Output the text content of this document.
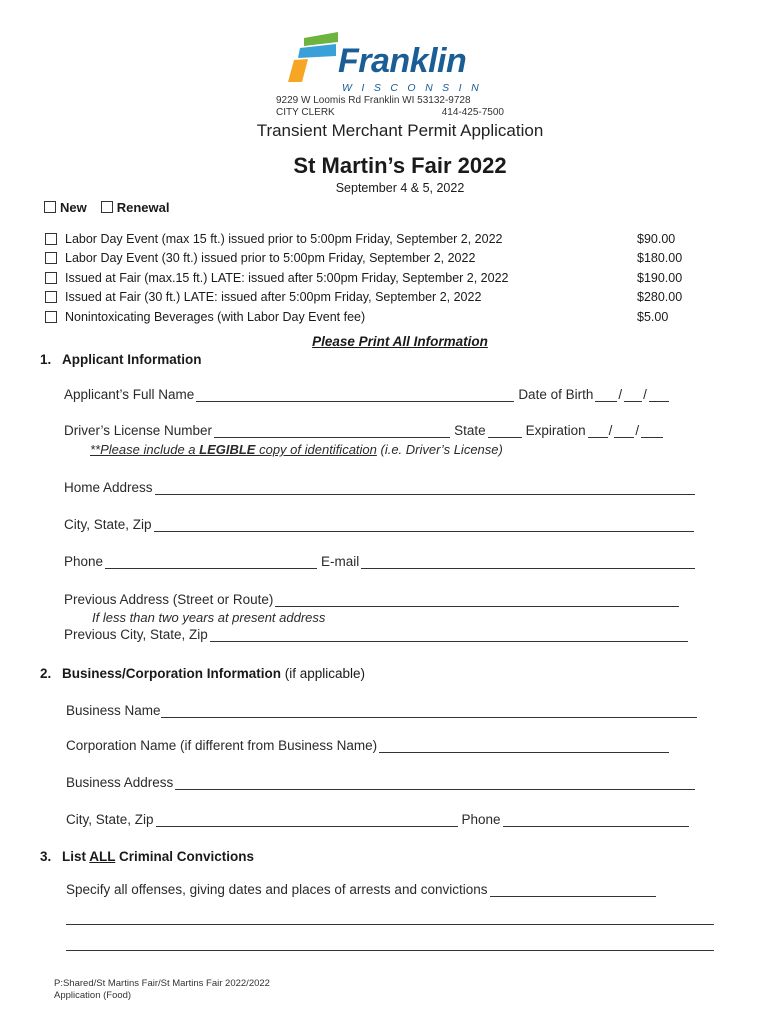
Franklin
WISCONSIN
9229 W Loomis Rd Franklin WI 53132-9728
CITY CLERK	414-425-7500
Transient Merchant Permit Application
St Martin’s Fair 2022
September 4 & 5, 2022
New	Renewal
Labor Day Event (max 15 ft.) issued prior to 5:00pm Friday, September 2, 2022	$90.00
Labor Day Event (30 ft.) issued prior to 5:00pm Friday, September 2, 2022	$180.00
Issued at Fair (max.15 ft.) LATE: issued after 5:00pm Friday, September 2, 2022	$190.00
Issued at Fair (30 ft.) LATE: issued after 5:00pm Friday, September 2, 2022	$280.00
Nonintoxicating Beverages (with Labor Day Event fee)	$5.00
Please Print All Information
1. Applicant Information
Applicant’s Full Name	Date of Birth /
/
Driver’s License Number	State	Expiration /
/
**Please include a LEGIBLE copy of identification (i.e. Driver’s License)
Home Address
City, State, Zip
Phone	E-mail
Previous Address (Street or Route)
If less than two years at present address
Previous City, State, Zip
2. Business/Corporation Information (if applicable)
Business Name
Corporation Name (if different from Business Name)
Business Address
City, State, Zip	Phone
3. List ALL Criminal Convictions
Specify all offenses, giving dates and places of arrests and convictions
P:Shared/St Martins Fair/St Martins Fair 2022/2022
Application (Food)
